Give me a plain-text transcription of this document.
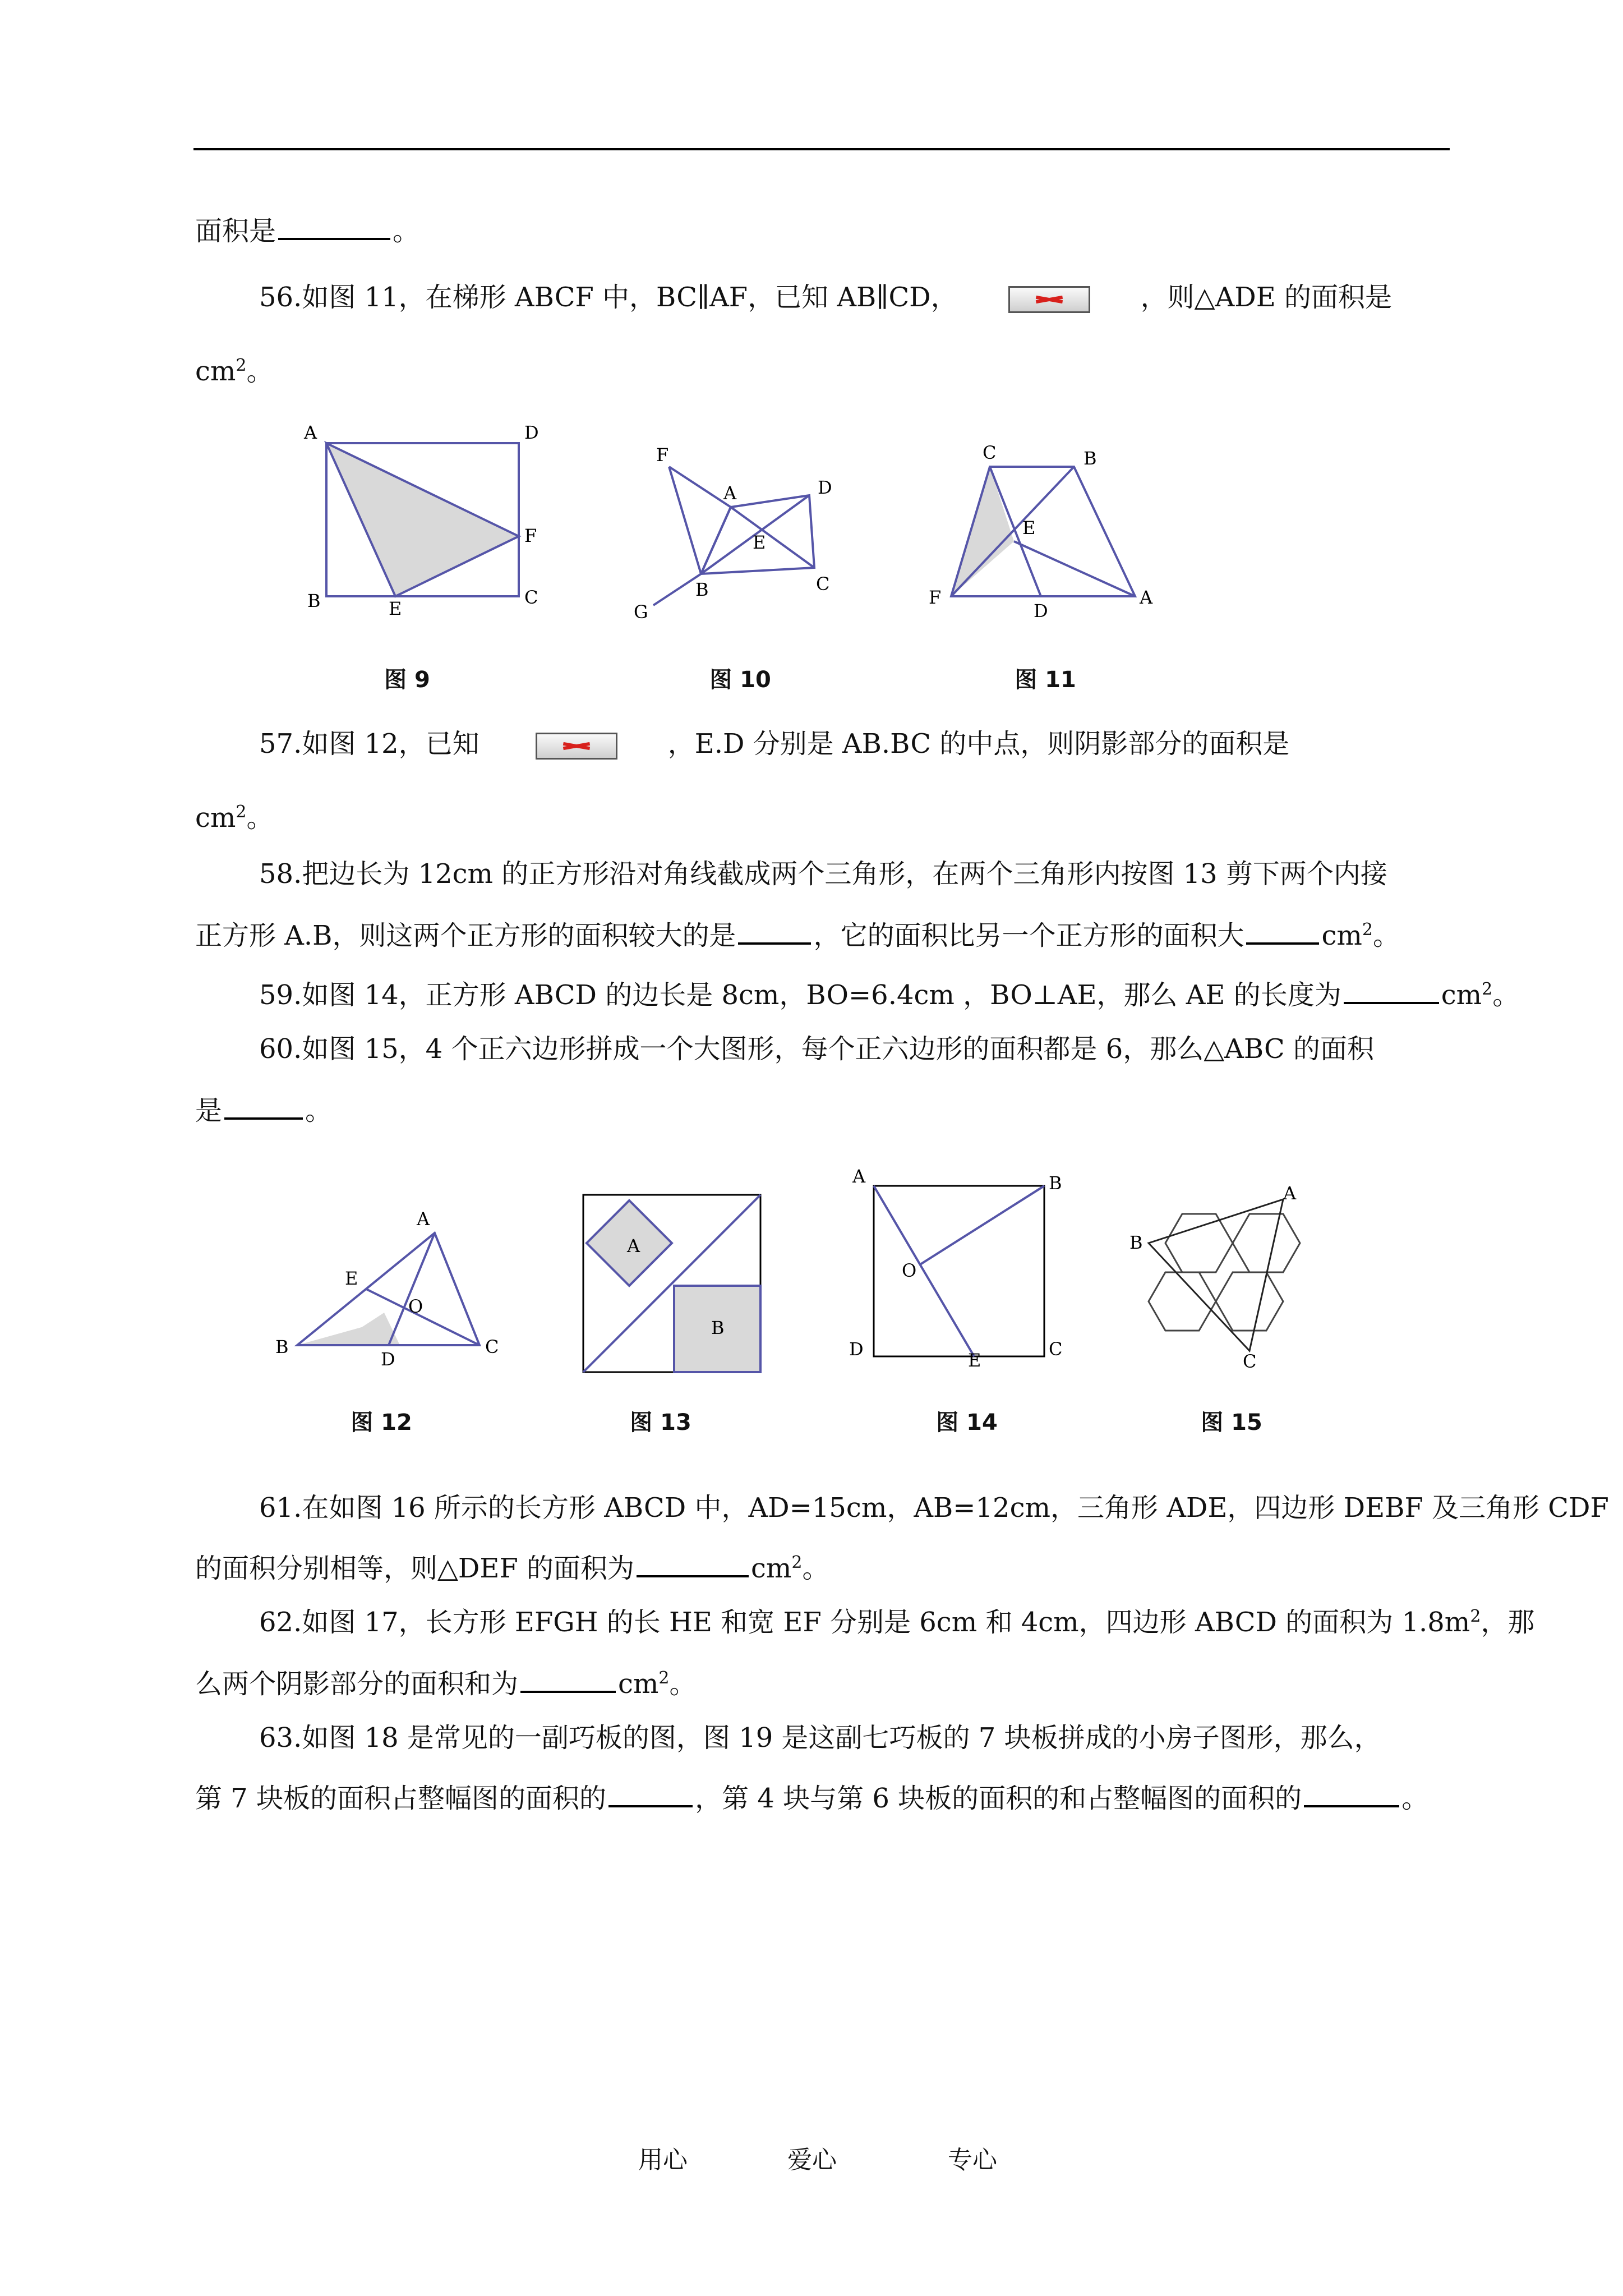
面积是	。
56.如图 11，在梯形 ABCF 中，BC∥AF，已知 AB∥CD，	，则△ADE 的面积是
$cm^2$。
A	D
F
B	E
C
F
A	D
E
B	C
G
C	B
E
F
D
A
图 9	图 10	图 11
57.如图 12，已知	，E.D 分别是 AB.BC 的中点，则阴影部分的面积是
$cm^2$。
58.把边长为 12cm 的正方形沿对角线截成两个三角形，在两个三角形内按图 13 剪下两个内接
正方形 A.B，则这两个正方形的面积较大的是	，它的面积比另一个正方形的面积大	$cm^2$。
59.如图 14，正方形 ABCD 的边长是 8cm，BO=6.4cm ，BO⊥AE，那么 AE 的长度为	$cm^2$。
60.如图 15，4 个正六边形拼成一个大图形，每个正六边形的面积都是 6，那么△ABC 的面积
是	。
A
E
O
B
D
C
A
B
A	B
O
D
E
C
A
B
C
图 12	图 13	图 14	图 15
61.在如图 16 所示的长方形 ABCD 中，AD=15cm，AB=12cm，三角形 ADE，四边形 DEBF 及三角形 CDF
的面积分别相等，则△DEF 的面积为	$cm^2$。
62.如图 17，长方形 EFGH 的长 HE 和宽 EF 分别是 6cm 和 4cm，四边形 ABCD 的面积为 $1.8m^2$，那
么两个阴影部分的面积和为	$cm^2$。
63.如图 18 是常见的一副巧板的图，图 19 是这副七巧板的 7 块板拼成的小房子图形，那么，
第 7 块板的面积占整幅图的面积的	，第 4 块与第 6 块板的面积的和占整幅图的面积的	。
用心	爱心	专心
